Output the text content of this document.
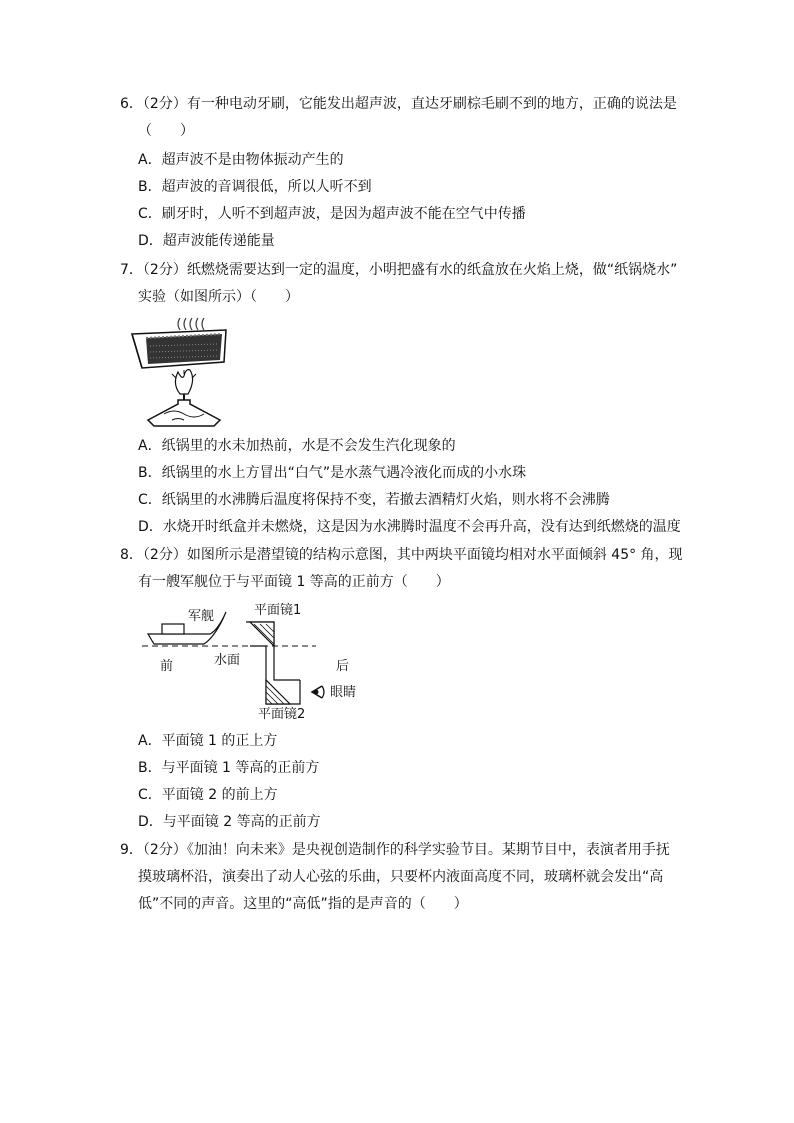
6．（2分）有一种电动牙刷，它能发出超声波，直达牙刷棕毛刷不到的地方，正确的说法是
（　　）
A．超声波不是由物体振动产生的
B．超声波的音调很低，所以人听不到
C．刷牙时，人听不到超声波，是因为超声波不能在空气中传播
D．超声波能传递能量
7．（2分）纸燃烧需要达到一定的温度，小明把盛有水的纸盒放在火焰上烧，做“纸锅烧水”
实验（如图所示）（　　）
A．纸锅里的水未加热前，水是不会发生汽化现象的
B．纸锅里的水上方冒出“白气”是水蒸气遇冷液化而成的小水珠
C．纸锅里的水沸腾后温度将保持不变，若撤去酒精灯火焰，则水将不会沸腾
D．水烧开时纸盒并未燃烧，这是因为水沸腾时温度不会再升高，没有达到纸燃烧的温度
8．（2分）如图所示是潜望镜的结构示意图，其中两块平面镜均相对水平面倾斜 45° 角，现
有一艘军舰位于与平面镜 1 等高的正前方（　　）
军舰	平面镜1
前	水面	后
眼睛
平面镜2
A．平面镜 1 的正上方
B．与平面镜 1 等高的正前方
C．平面镜 2 的前上方
D．与平面镜 2 等高的正前方
9．（2分）《加油！向未来》是央视创造制作的科学实验节目。某期节目中，表演者用手抚
摸玻璃杯沿，演奏出了动人心弦的乐曲，只要杯内液面高度不同，玻璃杯就会发出“高
低”不同的声音。这里的“高低”指的是声音的（　　）
